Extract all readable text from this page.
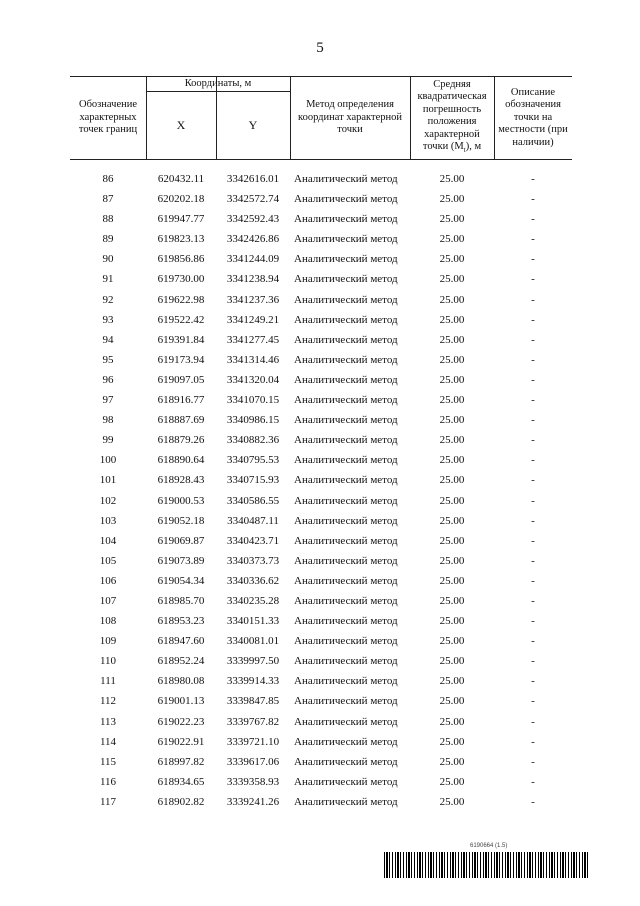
5
Обозначение характерных точек границ
Координаты, м
X	Y
Метод определения координат характерной точки
Средняя квадратическая погрешность положения характерной точки $(М_t)$, м
Описание обозначения точки на местности (при наличии)
86	620432.11	3342616.01	Аналитический метод	25.00	-
87	620202.18	3342572.74	Аналитический метод	25.00	-
88	619947.77	3342592.43	Аналитический метод	25.00	-
89	619823.13	3342426.86	Аналитический метод	25.00	-
90	619856.86	3341244.09	Аналитический метод	25.00	-
91	619730.00	3341238.94	Аналитический метод	25.00	-
92	619622.98	3341237.36	Аналитический метод	25.00	-
93	619522.42	3341249.21	Аналитический метод	25.00	-
94	619391.84	3341277.45	Аналитический метод	25.00	-
95	619173.94	3341314.46	Аналитический метод	25.00	-
96	619097.05	3341320.04	Аналитический метод	25.00	-
97	618916.77	3341070.15	Аналитический метод	25.00	-
98	618887.69	3340986.15	Аналитический метод	25.00	-
99	618879.26	3340882.36	Аналитический метод	25.00	-
100	618890.64	3340795.53	Аналитический метод	25.00	-
101	618928.43	3340715.93	Аналитический метод	25.00	-
102	619000.53	3340586.55	Аналитический метод	25.00	-
103	619052.18	3340487.11	Аналитический метод	25.00	-
104	619069.87	3340423.71	Аналитический метод	25.00	-
105	619073.89	3340373.73	Аналитический метод	25.00	-
106	619054.34	3340336.62	Аналитический метод	25.00	-
107	618985.70	3340235.28	Аналитический метод	25.00	-
108	618953.23	3340151.33	Аналитический метод	25.00	-
109	618947.60	3340081.01	Аналитический метод	25.00	-
110	618952.24	3339997.50	Аналитический метод	25.00	-
111	618980.08	3339914.33	Аналитический метод	25.00	-
112	619001.13	3339847.85	Аналитический метод	25.00	-
113	619022.23	3339767.82	Аналитический метод	25.00	-
114	619022.91	3339721.10	Аналитический метод	25.00	-
115	618997.82	3339617.06	Аналитический метод	25.00	-
116	618934.65	3339358.93	Аналитический метод	25.00	-
117	618902.82	3339241.26	Аналитический метод	25.00	-
6190664 (1.5)
